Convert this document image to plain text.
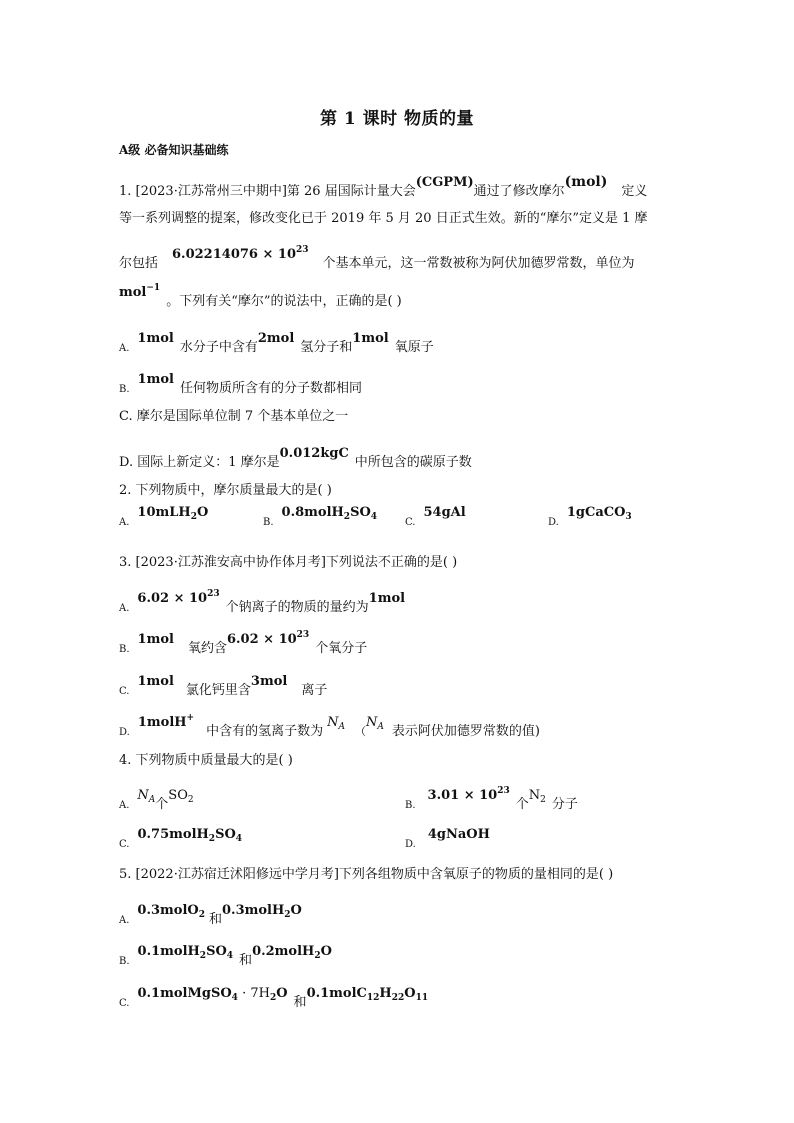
第 1 课时 物质的量
A级 必备知识基础练
1. [2023·江苏常州三中期中]第 26 届国际计量大会(CGPM)通过了修改摩尔(mol)定义
等一系列调整的提案，修改变化已于 2019 年 5 月 20 日正式生效。新的“摩尔”定义是 1 摩
尔包括$6.02214076 \times 10^{23}$个基本单元，这一常数被称为阿伏加德罗常数，单位为
mol$^{-1}$。下列有关“摩尔”的说法中，正确的是( )
A.1mol水分子中含有2mol氢分子和1mol氧原子
B.1mol任何物质所含有的分子数都相同
C. 摩尔是国际单位制 7 个基本单位之一
D. 国际上新定义：1 摩尔是0.012kgC中所包含的碳原子数
2. 下列物质中，摩尔质量最大的是( )
A.10mLH$_2$O
$B.0.8molH_2SO_4$	C.54gAl
D.1gCaCO$_3$
3. [2023·江苏淮安高中协作体月考]下列说法不正确的是( )
$A.6.02 \times 10^{23}$个钠离子的物质的量约为1mol
B.1mol氧约含$6.02 \times 10^{23}$个氧分子
C.1mol氯化钙里含3mol离子
D.1molH+中含有的氢离子数为$N_A$ （$N_A$ 表示阿伏加德罗常数的值)
4. 下列物质中质量最大的是( )
$A.N_A$个$SO_2$	$B.3.01 \times 10^{23}$个$N_2$ 分子
$C.0.75molH_2SO_4$	D.4gNaOH
5. [2022·江苏宿迁沭阳修远中学月考]下列各组物质中含氧原子的物质的量相同的是( )
A.0.3molO$_2$ 和0.3molH$_2$O
$B.0.1molH_2SO_4$ 和0.2molH$_2$O
C.0.1molMgSO$_4$ · $7H_2O$和$0.1molC_{12}H_{22}O_{11}$
